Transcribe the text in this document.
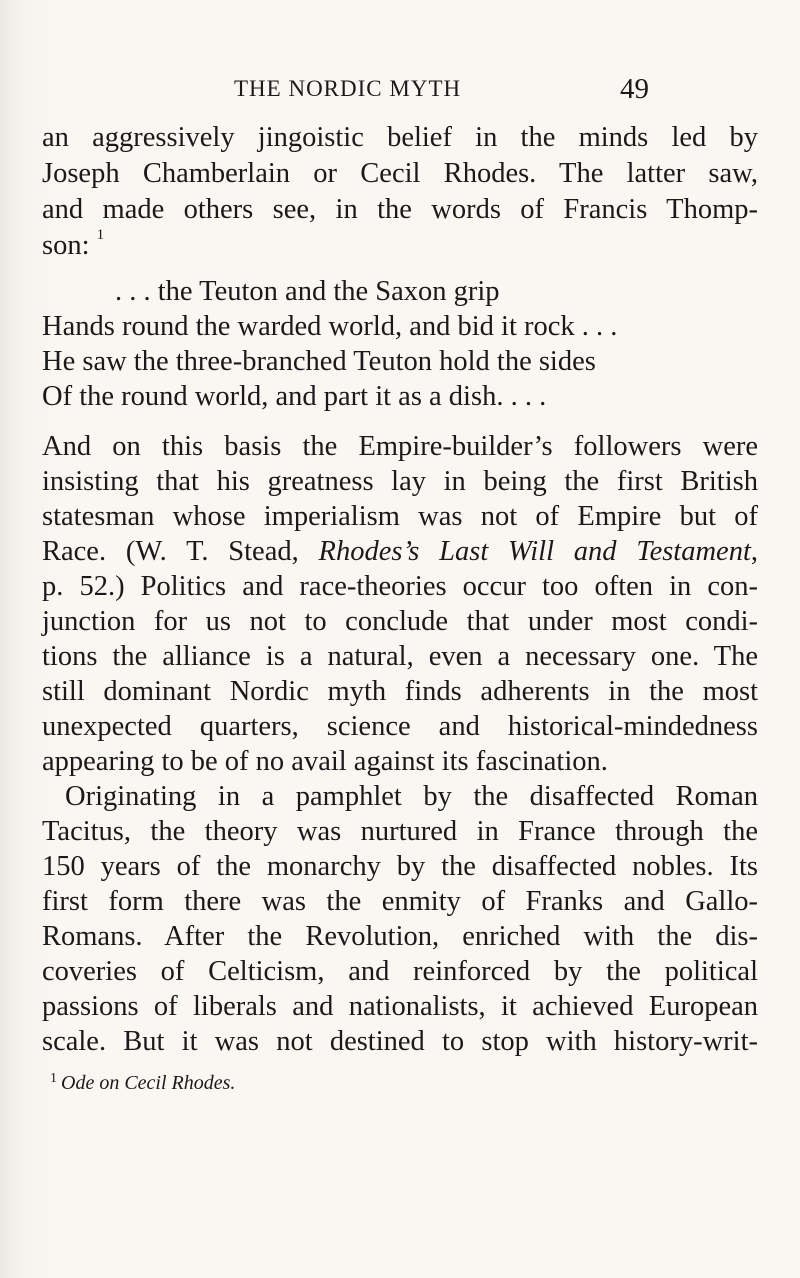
THE NORDIC MYTH	49
an aggressively jingoistic belief in the minds led by
Joseph Chamberlain or Cecil Rhodes. The latter saw,
and made others see, in the words of Francis Thomp-
son: $^1$
. . . the Teuton and the Saxon grip
Hands round the warded world, and bid it rock . . .
He saw the three-branched Teuton hold the sides
Of the round world, and part it as a dish. . . .
And on this basis the Empire-builder’s followers were
insisting that his greatness lay in being the first British
statesman whose imperialism was not of Empire but of
Race. (W. T. Stead, Rhodes’s Last Will and Testament,
p. 52.) Politics and race-theories occur too often in con-
junction for us not to conclude that under most condi-
tions the alliance is a natural, even a necessary one. The
still dominant Nordic myth finds adherents in the most
unexpected quarters, science and historical-mindedness
appearing to be of no avail against its fascination.
Originating in a pamphlet by the disaffected Roman
Tacitus, the theory was nurtured in France through the
150 years of the monarchy by the disaffected nobles. Its
first form there was the enmity of Franks and Gallo-
Romans. After the Revolution, enriched with the dis-
coveries of Celticism, and reinforced by the political
passions of liberals and nationalists, it achieved European
scale. But it was not destined to stop with history-writ-
$^1$ Ode on Cecil Rhodes.
